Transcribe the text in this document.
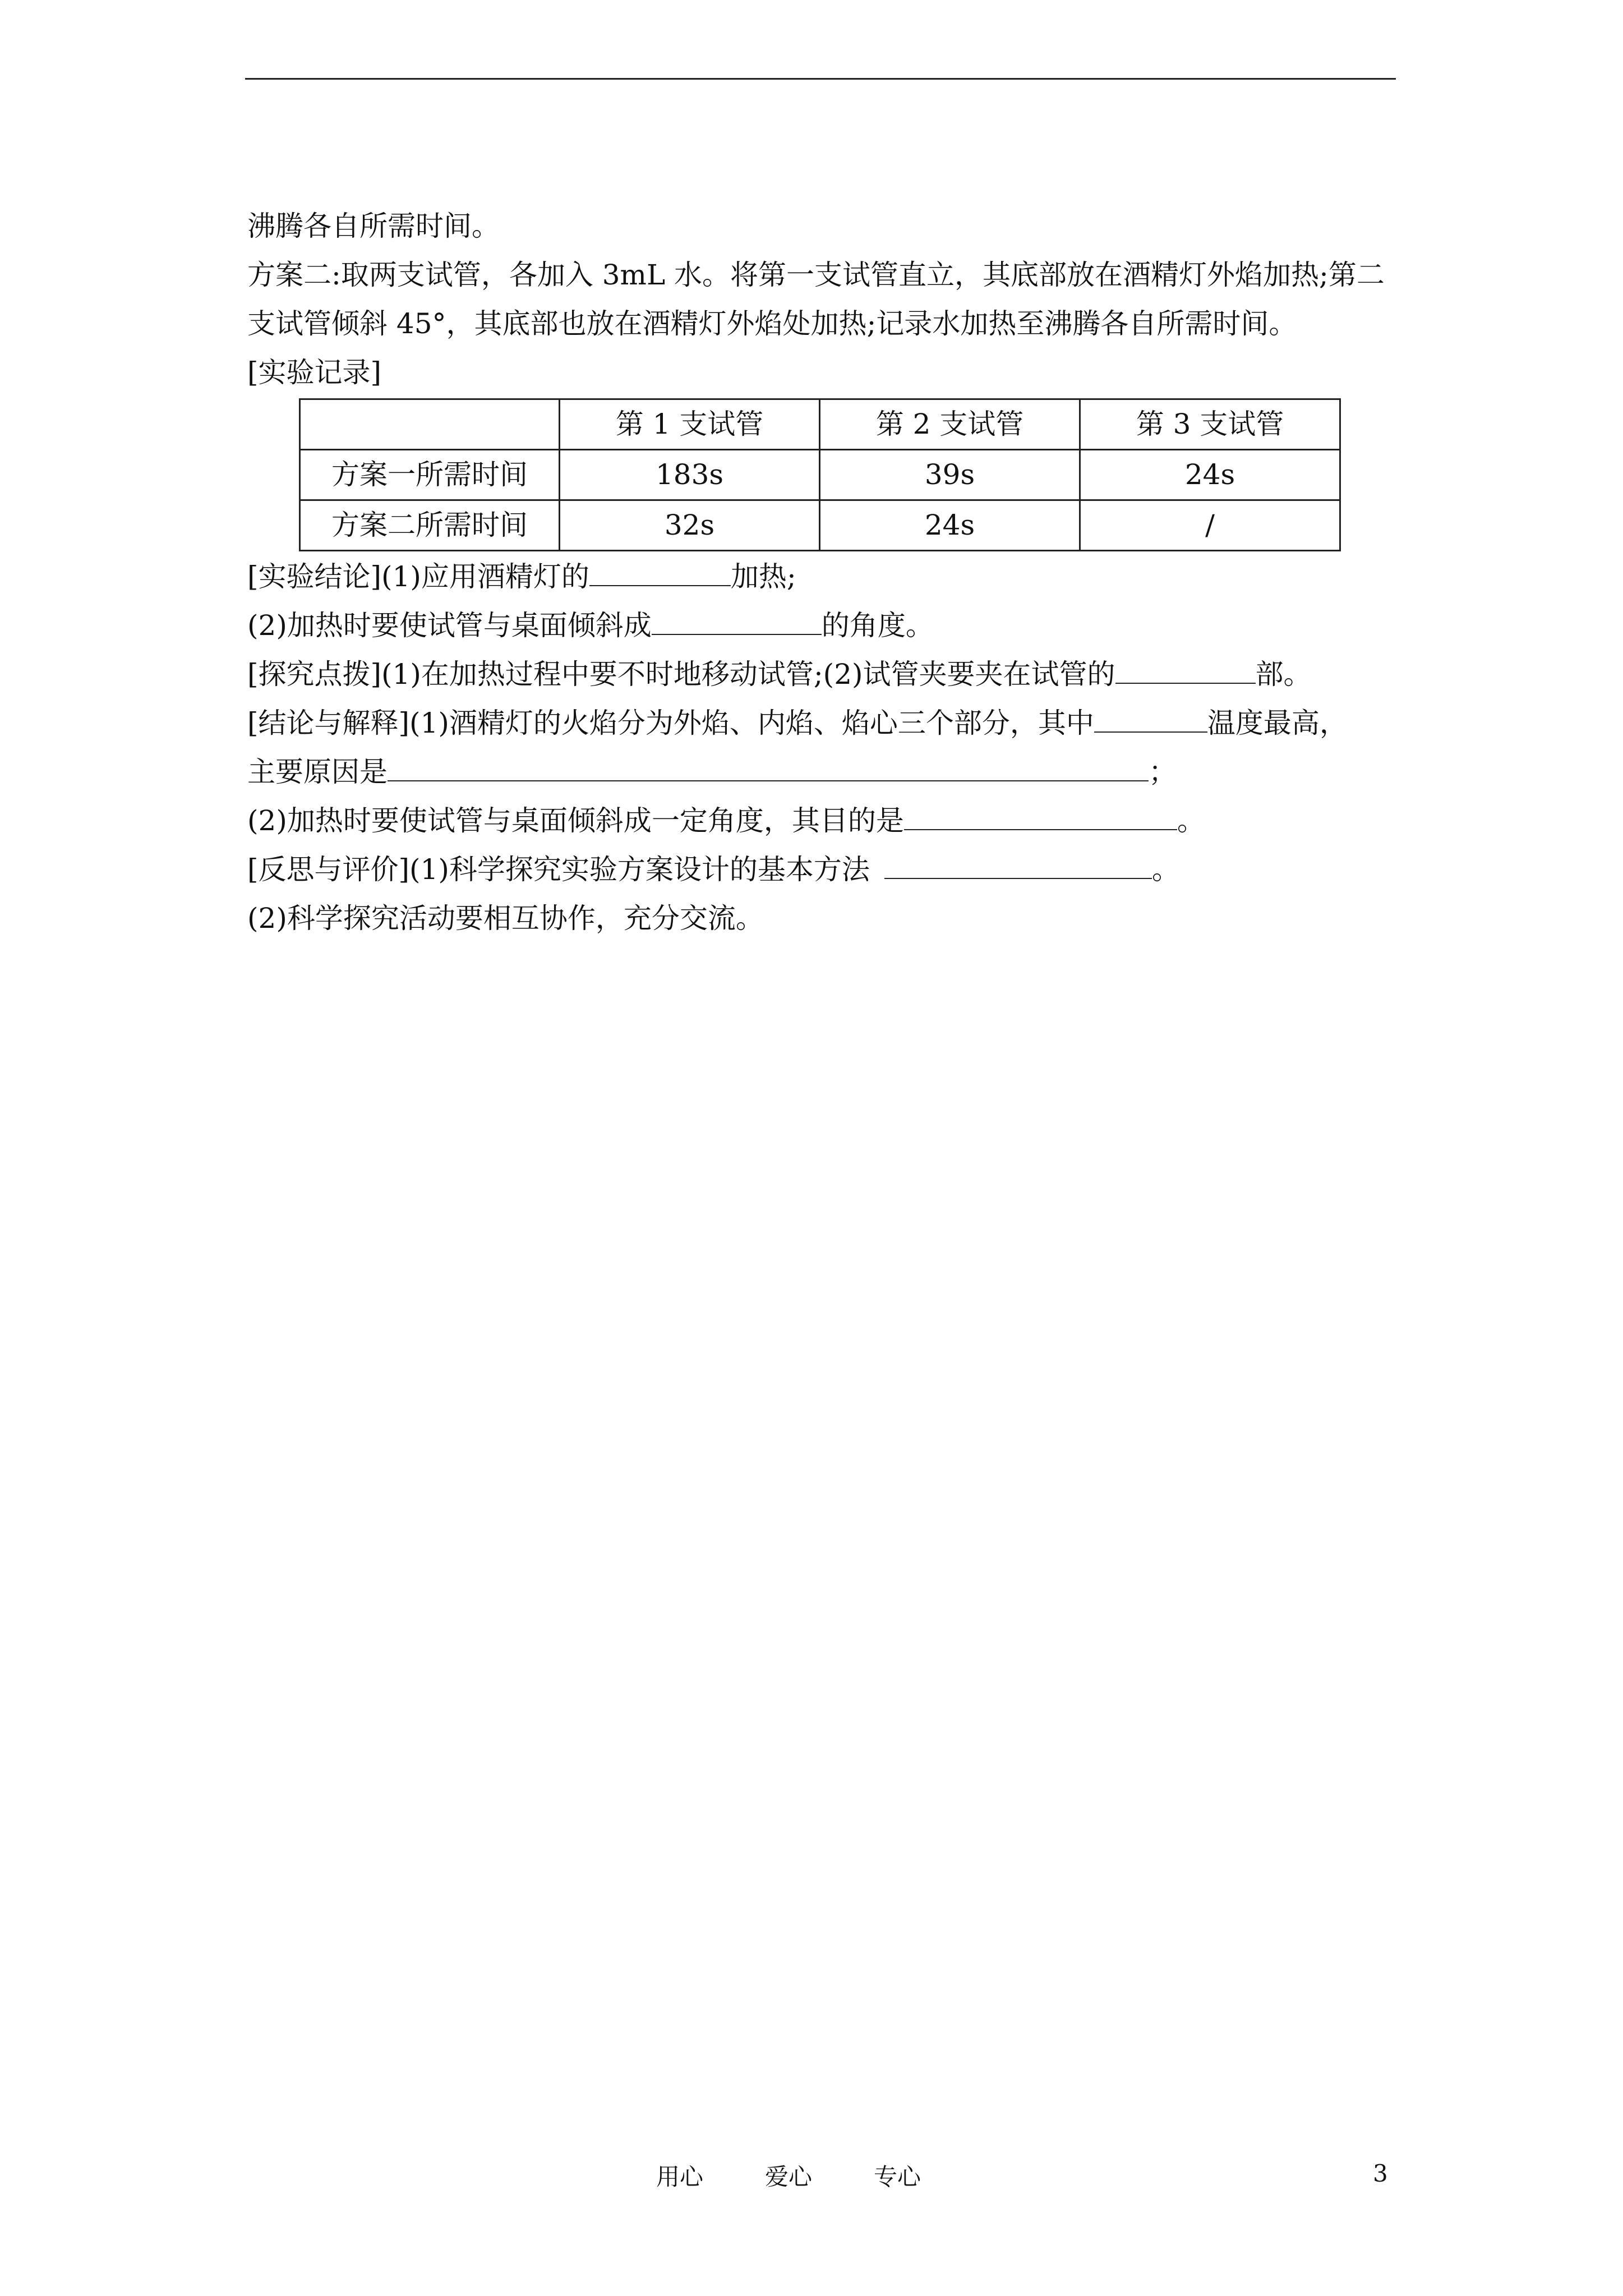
沸腾各自所需时间。
方案二:取两支试管，各加入 3mL 水。将第一支试管直立，其底部放在酒精灯外焰加热;第二
支试管倾斜 45°，其底部也放在酒精灯外焰处加热;记录水加热至沸腾各自所需时间。
[实验记录]
	第 1 支试管	第 2 支试管	第 3 支试管
方案一所需时间	183s	39s	24s
方案二所需时间	32s	24s	/
[实验结论](1)应用酒精灯的	加热;
(2)加热时要使试管与桌面倾斜成	的角度。
[探究点拨](1)在加热过程中要不时地移动试管;(2)试管夹要夹在试管的	部。
[结论与解释](1)酒精灯的火焰分为外焰、内焰、焰心三个部分，其中	温度最高，
主要原因是	；
(2)加热时要使试管与桌面倾斜成一定角度，其目的是	。
[反思与评价](1)科学探究实验方案设计的基本方法	。
(2)科学探究活动要相互协作，充分交流。
用心	爱心	专心	3
